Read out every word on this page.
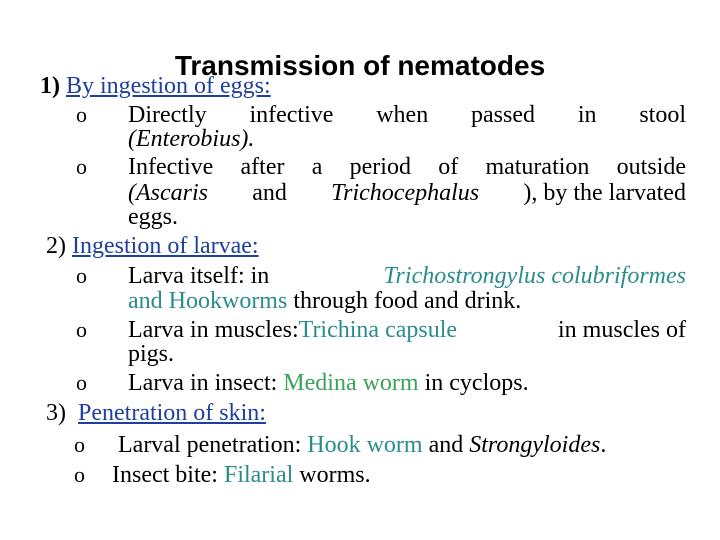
1) By ingestion of eggs:
Transmission of nematodes
o Directly infective when passed in stool
(Enterobius).
o Infective after a period of maturation outside
(Ascaris and Trichocephalus ), by the larvated
eggs.
2) Ingestion of larvae:
o Larva itself: in	Trichostrongylus colubriformes
and Hookworms through food and drink.
o Larva in muscles: Trichina capsule	in muscles of
pigs.
o Larva in insect: Medina worm in cyclops.
3) Penetration of skin:
o Larval penetration: Hook worm and Strongyloides.
o Insect bite: Filarial worms.
